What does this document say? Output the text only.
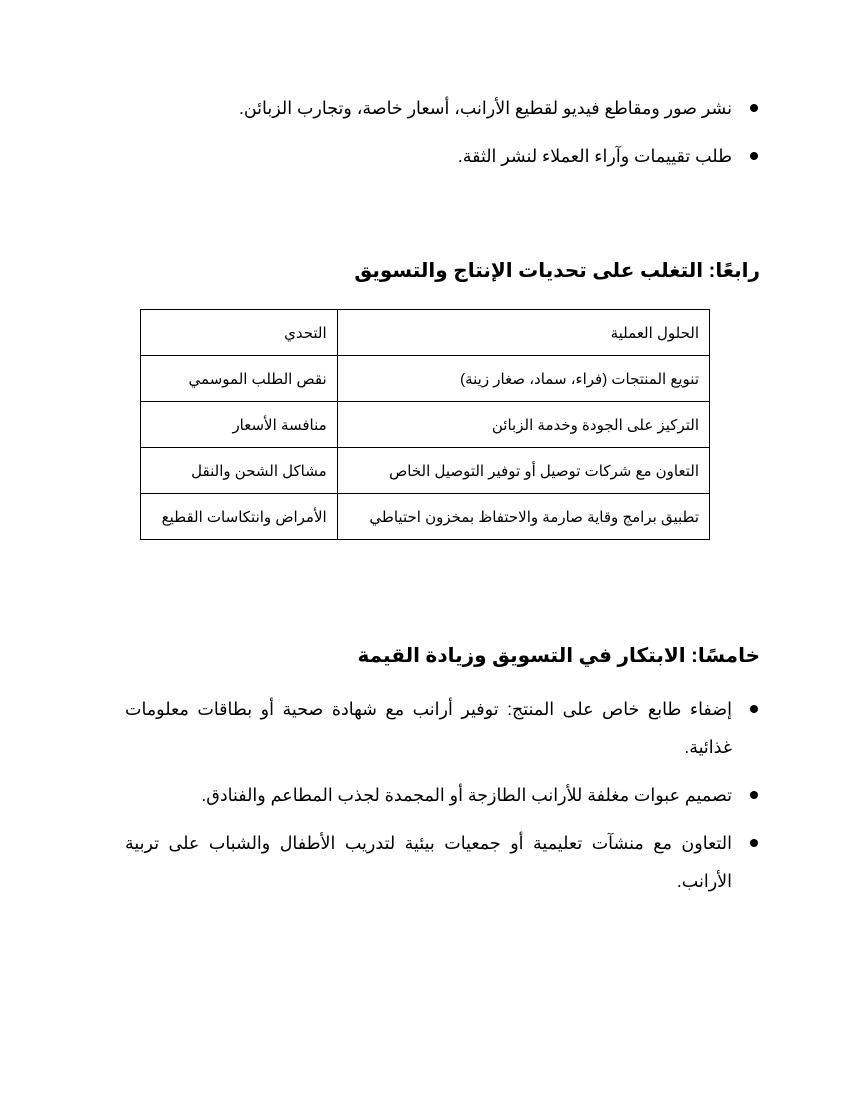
نشر صور ومقاطع فيديو لقطيع الأرانب، أسعار خاصة، وتجارب الزبائن.
طلب تقييمات وآراء العملاء لنشر الثقة.
رابعًا: التغلب على تحديات الإنتاج والتسويق
الحلول العملية	التحدي
تنويع المنتجات (فراء، سماد، صغار زينة)	نقص الطلب الموسمي
التركيز على الجودة وخدمة الزبائن	منافسة الأسعار
التعاون مع شركات توصيل أو توفير التوصيل الخاص	مشاكل الشحن والنقل
تطبيق برامج وقاية صارمة والاحتفاظ بمخزون احتياطي	الأمراض وانتكاسات القطيع
خامسًا: الابتكار في التسويق وزيادة القيمة
إضفاء طابع خاص على المنتج: توفير أرانب مع شهادة صحية أو بطاقات معلومات غذائية.
تصميم عبوات مغلفة للأرانب الطازجة أو المجمدة لجذب المطاعم والفنادق.
التعاون مع منشآت تعليمية أو جمعيات بيئية لتدريب الأطفال والشباب على تربية الأرانب.
